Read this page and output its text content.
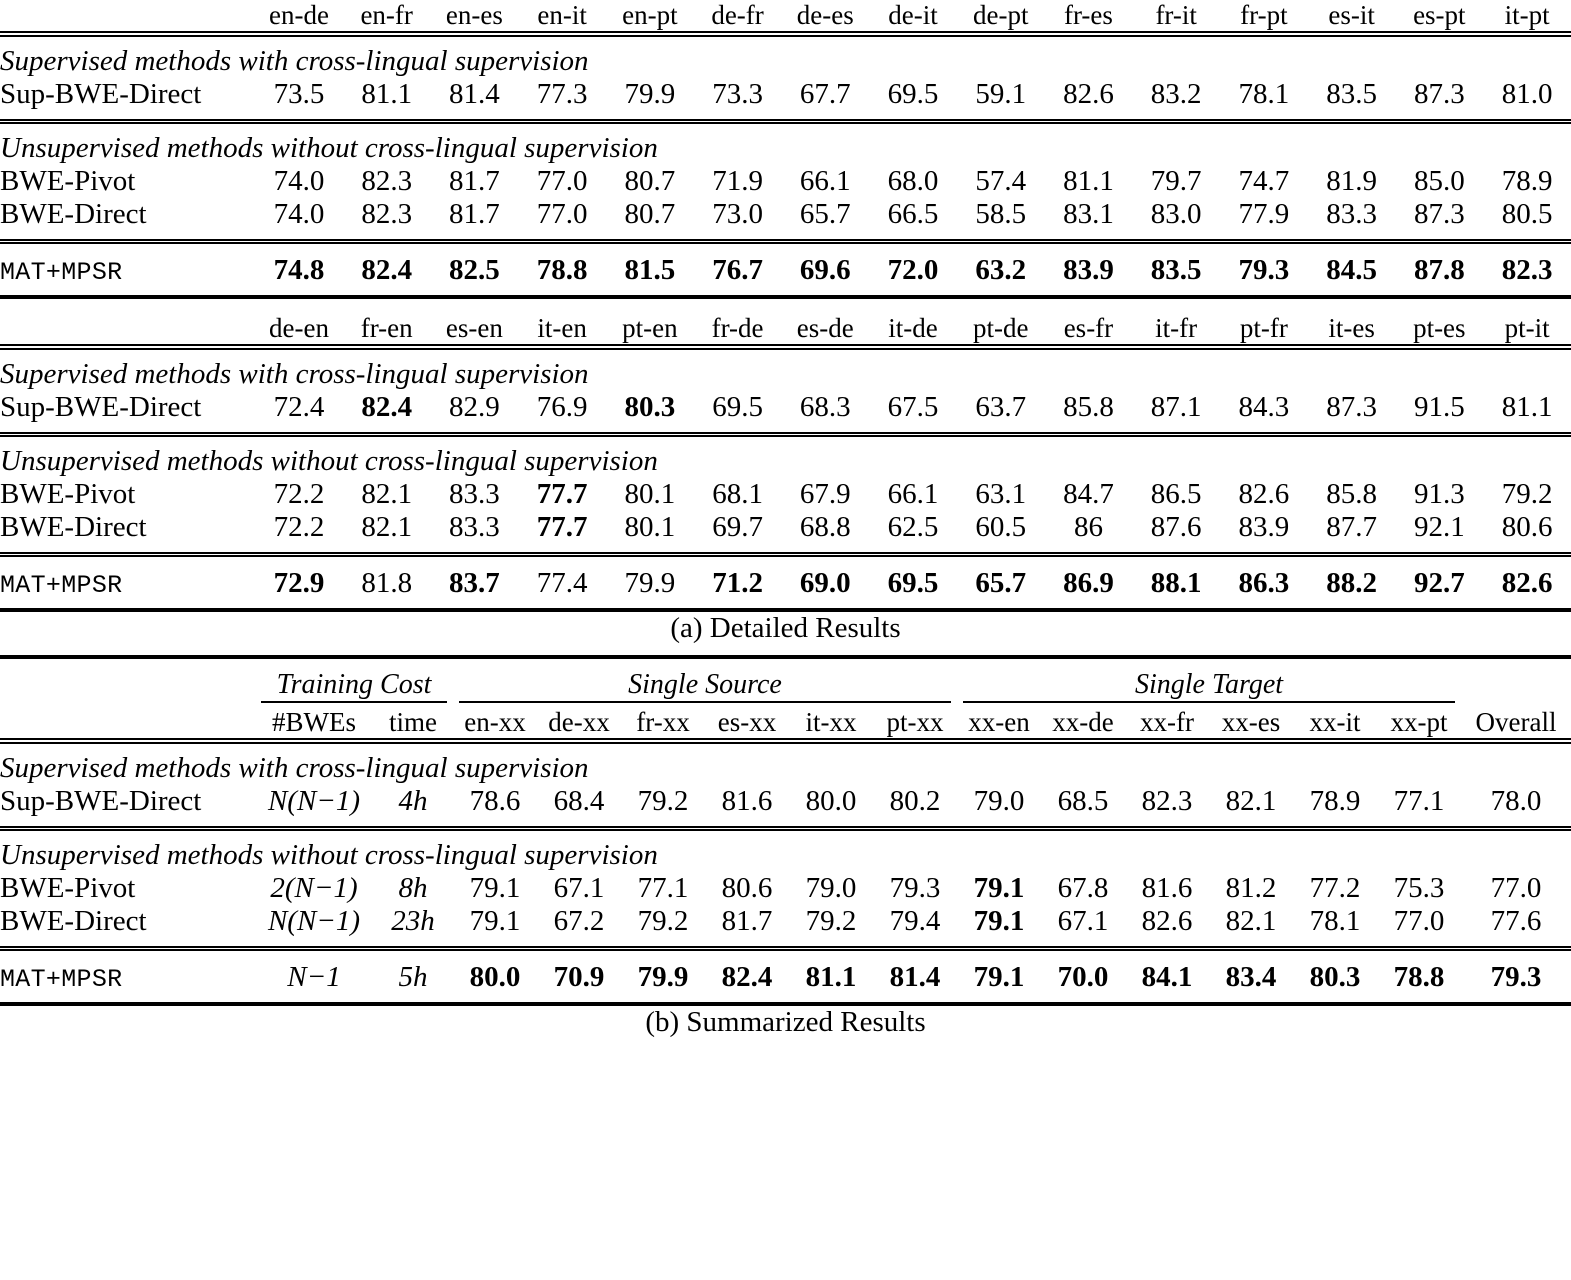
	en-de	en-fr	en-es	en-it	en-pt	de-fr	de-es	de-it	de-pt	fr-es	fr-it	fr-pt	es-it	es-pt	it-pt

Supervised methods with cross-lingual supervision															
Sup-BWE-Direct	73.5	81.1	81.4	77.3	79.9	73.3	67.7	69.5	59.1	82.6	83.2	78.1	83.5	87.3	81.0

Unsupervised methods without cross-lingual supervision															
BWE-Pivot	74.0	82.3	81.7	77.0	80.7	71.9	66.1	68.0	57.4	81.1	79.7	74.7	81.9	85.0	78.9
BWE-Direct	74.0	82.3	81.7	77.0	80.7	73.0	65.7	66.5	58.5	83.1	83.0	77.9	83.3	87.3	80.5

MAT+MPSR	74.8	82.4	82.5	78.8	81.5	76.7	69.6	72.0	63.2	83.9	83.5	79.3	84.5	87.8	82.3

	de-en	fr-en	es-en	it-en	pt-en	fr-de	es-de	it-de	pt-de	es-fr	it-fr	pt-fr	it-es	pt-es	pt-it

Supervised methods with cross-lingual supervision															
Sup-BWE-Direct	72.4	82.4	82.9	76.9	80.3	69.5	68.3	67.5	63.7	85.8	87.1	84.3	87.3	91.5	81.1

Unsupervised methods without cross-lingual supervision															
BWE-Pivot	72.2	82.1	83.3	77.7	80.1	68.1	67.9	66.1	63.1	84.7	86.5	82.6	85.8	91.3	79.2
BWE-Direct	72.2	82.1	83.3	77.7	80.1	69.7	68.8	62.5	60.5	86	87.6	83.9	87.7	92.1	80.6

MAT+MPSR	72.9	81.8	83.7	77.4	79.9	71.2	69.0	69.5	65.7	86.9	88.1	86.3	88.2	92.7	82.6

(a) Detailed Results															

	Training Cost		Single Source						Single Target						

	#BWEs	time	en-xx	de-xx	fr-xx	es-xx	it-xx	pt-xx	xx-en	xx-de	xx-fr	xx-es	xx-it	xx-pt	Overall

Supervised methods with cross-lingual supervision															
Sup-BWE-Direct	N(N−1)	4h	78.6	68.4	79.2	81.6	80.0	80.2	79.0	68.5	82.3	82.1	78.9	77.1	78.0

Unsupervised methods without cross-lingual supervision															
BWE-Pivot	2(N−1)	8h	79.1	67.1	77.1	80.6	79.0	79.3	79.1	67.8	81.6	81.2	77.2	75.3	77.0
BWE-Direct	N(N−1)	23h	79.1	67.2	79.2	81.7	79.2	79.4	79.1	67.1	82.6	82.1	78.1	77.0	77.6

MAT+MPSR	N−1	5h	80.0	70.9	79.9	82.4	81.1	81.4	79.1	70.0	84.1	83.4	80.3	78.8	79.3

(b) Summarized Results															
